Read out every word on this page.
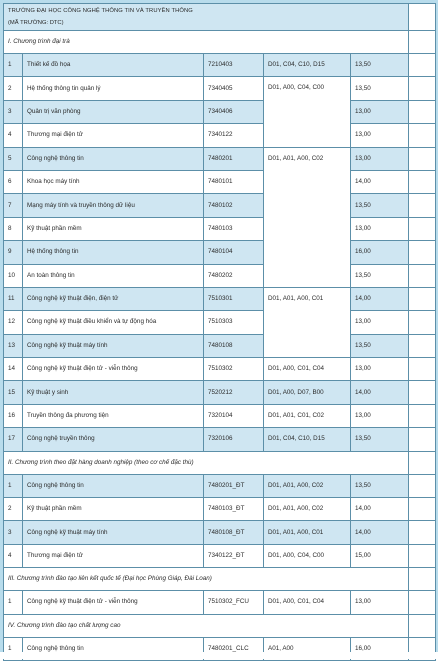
TRƯỜNG ĐẠI HỌC CÔNG NGHỆ THÔNG TIN VÀ TRUYỀN THÔNG
(MÃ TRƯỜNG: DTC)					

I. Chương trình đại trà					
1	Thiết kế đồ họa	7210403	D01, C04, C10, D15	13,50	
2	Hệ thống thông tin quản lý	7340405	D01, A00, C04, C00	13,50	
3	Quản trị văn phòng	7340406		13,00	
4	Thương mại điện tử	7340122		13,00	
5	Công nghệ thông tin	7480201	D01, A01, A00, C02	13,00	
6	Khoa học máy tính	7480101		14,00	
7	Mạng máy tính và truyền thông dữ liệu	7480102		13,50	
8	Kỹ thuật phần mềm	7480103		13,00	
9	Hệ thống thông tin	7480104		16,00	
10	An toàn thông tin	7480202		13,50	
11	Công nghệ kỹ thuật điện, điện tử	7510301	D01, A01, A00, C01	14,00	
12	Công nghệ kỹ thuật điều khiển và tự động hóa	7510303		13,00	
13	Công nghệ kỹ thuật máy tính	7480108		13,50	
14	Công nghệ kỹ thuật điện tử - viễn thông	7510302	D01, A00, C01, C04	13,00	
15	Kỹ thuật y sinh	7520212	D01, A00, D07, B00	14,00	
16	Truyền thông đa phương tiện	7320104	D01, A01, C01, C02	13,00	
17	Công nghệ truyền thông	7320106	D01, C04, C10, D15	13,50	
II. Chương trình theo đặt hàng doanh nghiệp (theo cơ chế đặc thù)					
1	Công nghệ thông tin	7480201_ĐT	D01, A01, A00, C02	13,50	
2	Kỹ thuật phần mềm	7480103_ĐT	D01, A01, A00, C02	14,00	
3	Công nghệ kỹ thuật máy tính	7480108_ĐT	D01, A01, A00, C01	14,00	
4	Thương mại điện tử	7340122_ĐT	D01, A00, C04, C00	15,00	
III. Chương trình đào tạo liên kết quốc tế (Đại học Phùng Giáp, Đài Loan)					
1	Công nghệ kỹ thuật điện tử - viễn thông	7510302_FCU	D01, A00, C01, C04	13,00	
IV. Chương trình đào tạo chất lượng cao					
1	Công nghệ thông tin	7480201_CLC	A01, A00	16,00	
